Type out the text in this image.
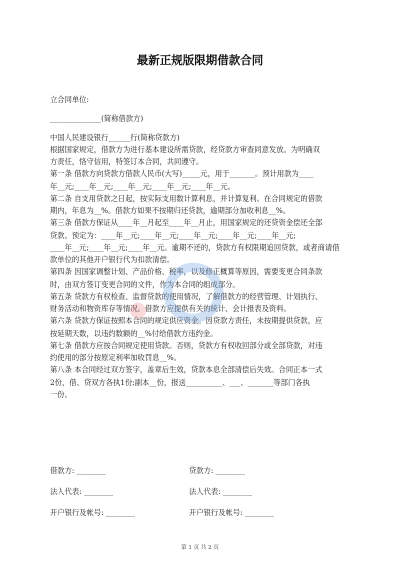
最新正规版限期借款合同
立合同单位:
______________(简称借款方)
中国人民建设银行______行(简称贷款方)
根据国家规定，借款方为进行基本建设所需贷款，经贷款方审查同意发放。为明确双
方责任，恪守信用，特签订本合同，共同遵守。
第一条 借款方向贷款方借款人民币(大写)_____元，用于_______。预计用款为____
年__元;____年__元;____年__元;____年__元;____年__元。
第二条 自支用贷款之日起，按实际支用数计算利息，并计算复利。在合同规定的借款
期内，年息为__%。借款方如果不按期归还贷款，逾期部分加收利息__%。
第三条 借款方保证从____年__月起至____年__月止，用国家规定的还贷资金偿还全部
贷款。预定为：____年__元;____年__元;____年__元;____年__元;____年__元;
____年__元;____年__元;____年__元。逾期不还的，贷款方有权限期追回贷款，或者商请借
款单位的其他开户银行代为扣款清偿。
第四条 因国家调整计划、产品价格、税率，以及修正概算等原因，需要变更合同条款
时，由双方签订变更合同的文件，作为本合同的组成部分。
第五条 贷款方有权检查、监督贷款的使用情况，了解借款方的经营管理、计划执行、
财务活动和物资库存等情况。借款方应提供有关的统计、会计报表及资料。
第六条 贷款方保证按照本合同的规定供应资金。因贷款方责任，未按期提供贷款，应
按延期天数，以违约数额的__%付给借款方违约金。
第七条 借款方应按合同规定使用贷款。否则，贷款方有权收回部分或全部贷款，对违
约使用的部分按原定利率加收罚息__%。
第八条 本合同经过双方签字，盖章后生效，贷款本息全部清偿后失效。合同正本一式
2份，借、贷双方各执1份;副本__份，报送__________、___、_______等部门各执
一份。
借款方: ________	贷款方: ________
法人代表: ________	法人代表: ________
开户银行及帐号: ________	开户银行及帐号: ________
第 1 页 共 2 页
